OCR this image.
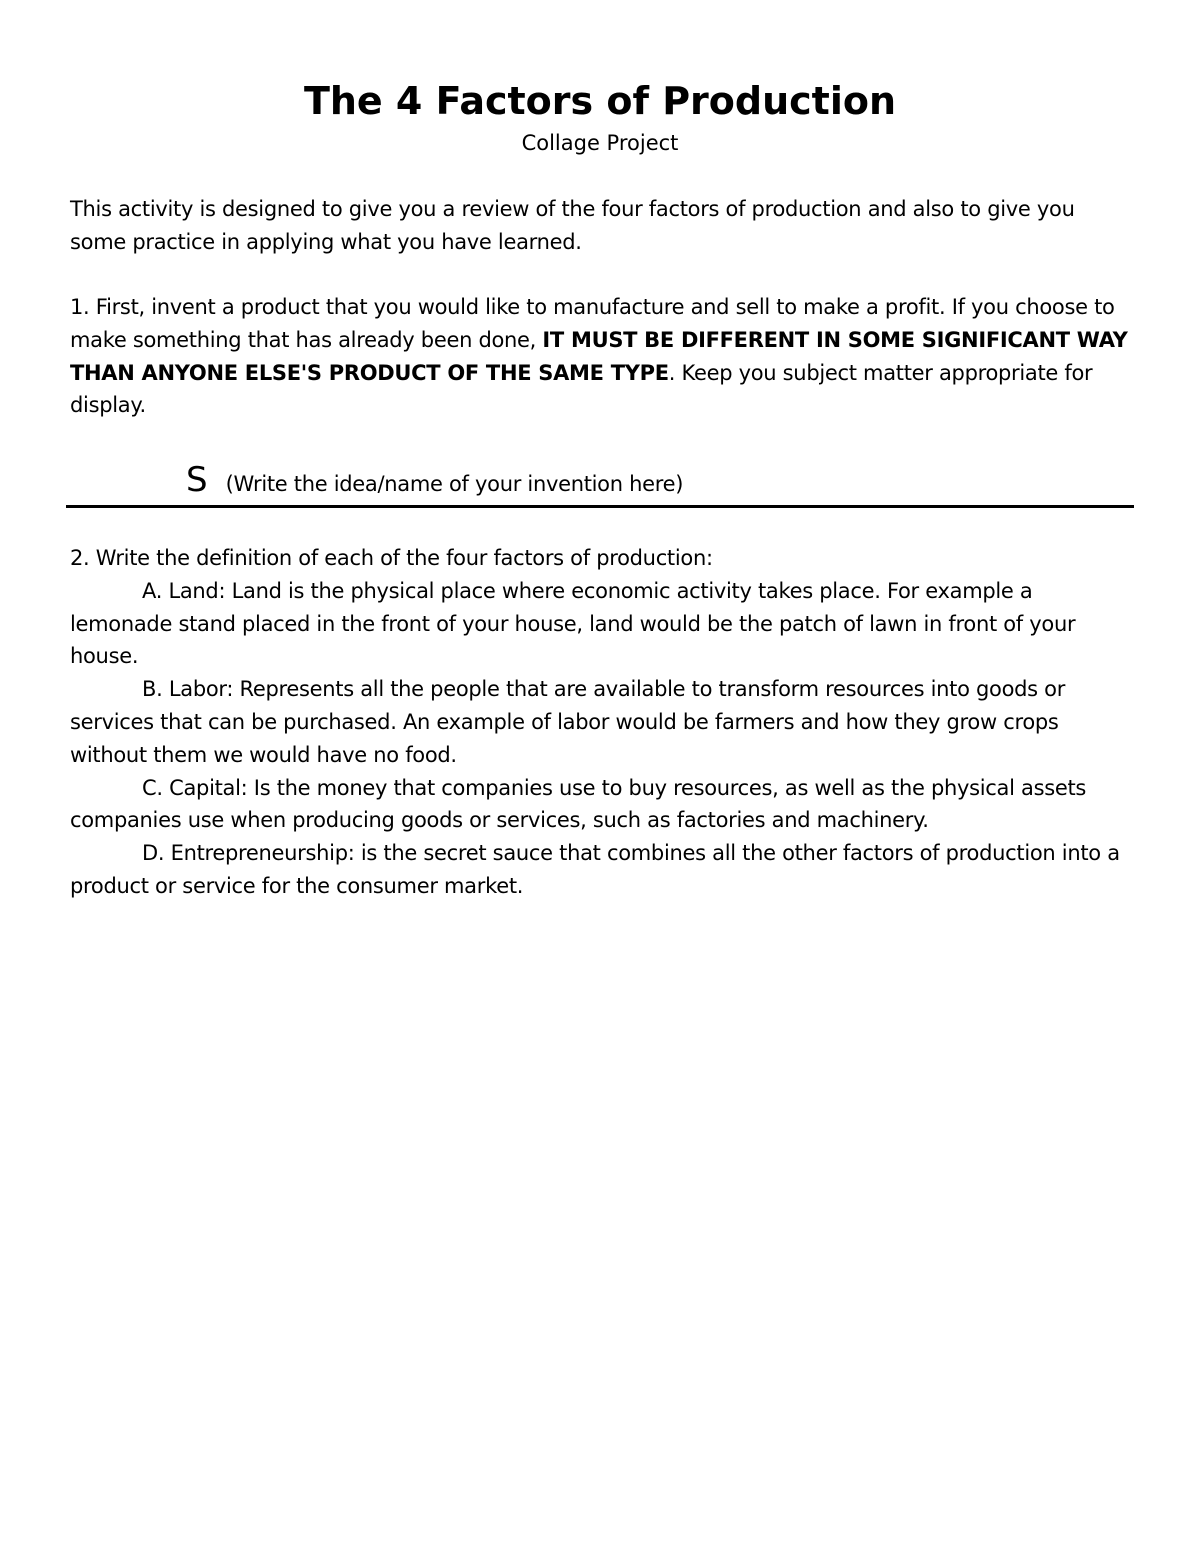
The 4 Factors of Production

Collage Project

This activity is designed to give you a review of the four factors of production and also to give you some practice in applying what you have learned.

1. First, invent a product that you would like to manufacture and sell to make a profit. If you choose to make something that has already been done, IT MUST BE DIFFERENT IN SOME SIGNIFICANT WAY THAN ANYONE ELSE'S PRODUCT OF THE SAME TYPE. Keep you subject matter appropriate for display.

S (Write the idea/name of your invention here)
2. Write the definition of each of the four factors of production:
A. Land: Land is the physical place where economic activity takes place. For example a lemonade stand placed in the front of your house, land would be the patch of lawn in front of your house.
B. Labor: Represents all the people that are available to transform resources into goods or services that can be purchased. An example of labor would be farmers and how they grow crops without them we would have no food.
C. Capital: Is the money that companies use to buy resources, as well as the physical assets companies use when producing goods or services, such as factories and machinery.
D. Entrepreneurship: is the secret sauce that combines all the other factors of production into a product or service for the consumer market.
